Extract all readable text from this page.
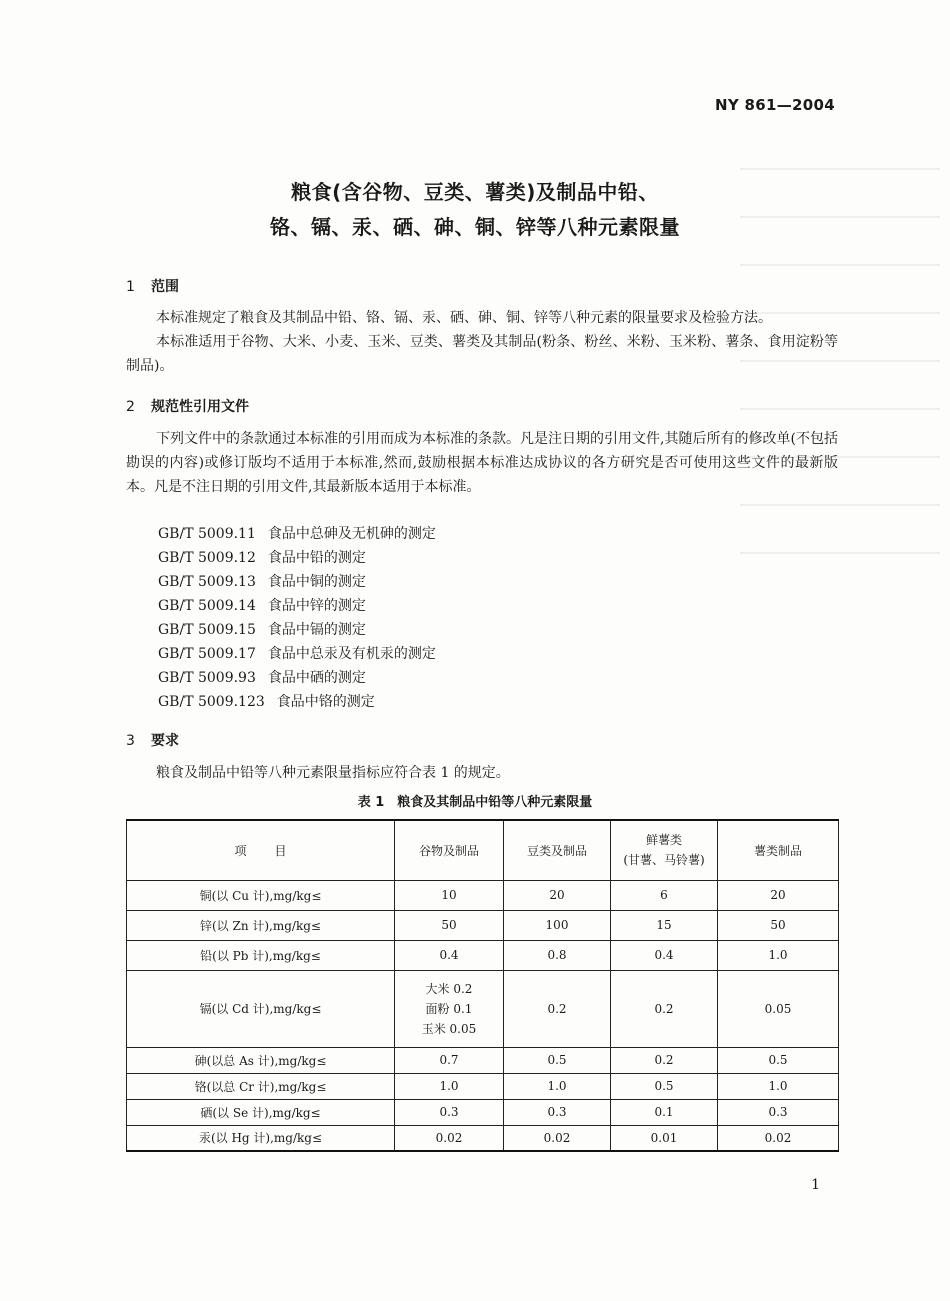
NY 861—2004
粮食(含谷物、豆类、薯类)及制品中铅、
铬、镉、汞、硒、砷、铜、锌等八种元素限量
1 范围
本标准规定了粮食及其制品中铅、铬、镉、汞、硒、砷、铜、锌等八种元素的限量要求及检验方法。
本标准适用于谷物、大米、小麦、玉米、豆类、薯类及其制品(粉条、粉丝、米粉、玉米粉、薯条、食用淀粉等制品)。
2 规范性引用文件
下列文件中的条款通过本标准的引用而成为本标准的条款。凡是注日期的引用文件,其随后所有的修改单(不包括勘误的内容)或修订版均不适用于本标准,然而,鼓励根据本标准达成协议的各方研究是否可使用这些文件的最新版本。凡是不注日期的引用文件,其最新版本适用于本标准。
GB/T 5009.11 食品中总砷及无机砷的测定
GB/T 5009.12 食品中铅的测定
GB/T 5009.13 食品中铜的测定
GB/T 5009.14 食品中锌的测定
GB/T 5009.15 食品中镉的测定
GB/T 5009.17 食品中总汞及有机汞的测定
GB/T 5009.93 食品中硒的测定
GB/T 5009.123 食品中铬的测定
3 要求
粮食及制品中铅等八种元素限量指标应符合表 1 的规定。
表 1　粮食及其制品中铅等八种元素限量
项 目	谷物及制品	豆类及制品	鲜薯类
(甘薯、马铃薯)	薯类制品
铜(以 Cu 计),mg/kg≤	10	20	6	20
锌(以 Zn 计),mg/kg≤	50	100	15	50
铅(以 Pb 计),mg/kg≤	0.4	0.8	0.4	1.0
镉(以 Cd 计),mg/kg≤	大米 0.2
面粉 0.1
玉米 0.05	0.2	0.2	0.05
砷(以总 As 计),mg/kg≤	0.7	0.5	0.2	0.5
铬(以总 Cr 计),mg/kg≤	1.0	1.0	0.5	1.0
硒(以 Se 计),mg/kg≤	0.3	0.3	0.1	0.3
汞(以 Hg 计),mg/kg≤	0.02	0.02	0.01	0.02
1
